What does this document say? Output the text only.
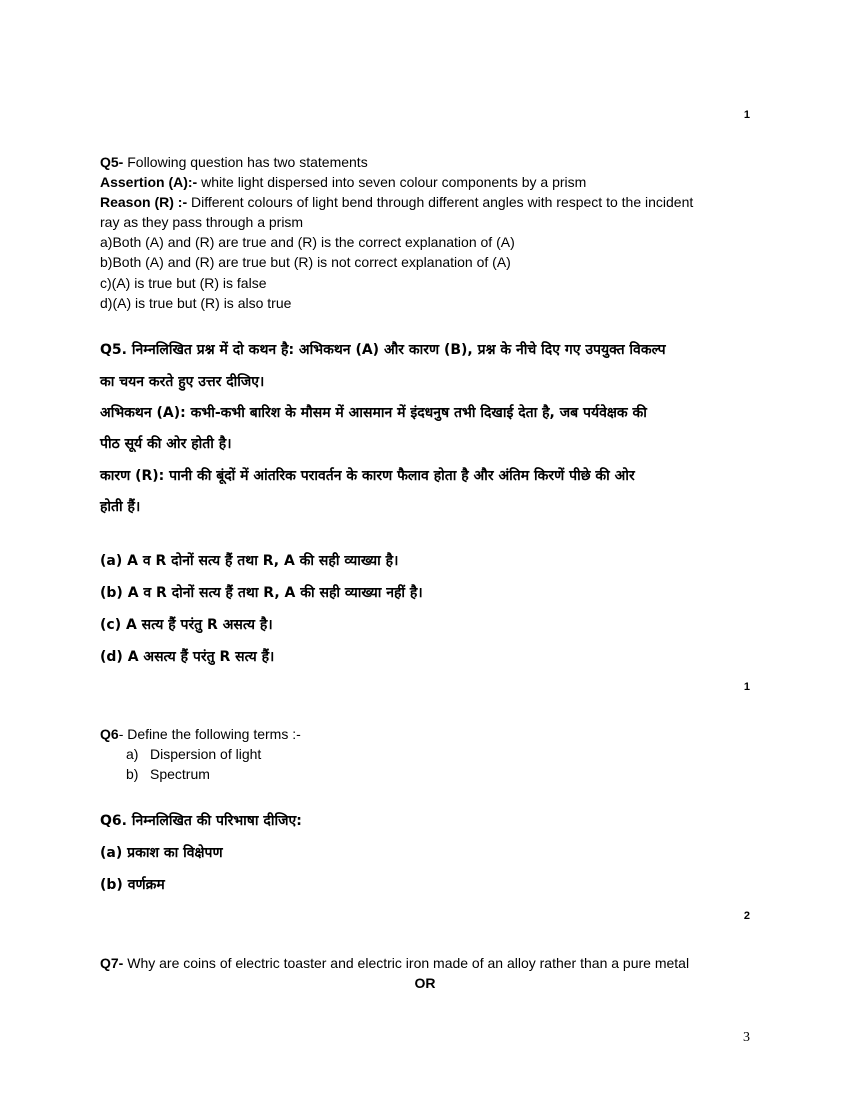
1
Q5- Following question has two statements
Assertion (A):- white light dispersed into seven colour components by a prism
Reason (R) :- Different colours of light bend through different angles with respect to the incident
ray as they pass through a prism
a)Both (A) and (R) are true and (R) is the correct explanation of (A)
b)Both (A) and (R) are true but (R) is not correct explanation of (A)
c)(A) is true but (R) is false
d)(A) is true but (R) is also true
Q5. निम्नलिखित प्रश्न में दो कथन है: अभिकथन (A) और कारण (B), प्रश्न के नीचे दिए गए उपयुक्त विकल्प
का चयन करते हुए उत्तर दीजिए।
अभिकथन (A): कभी-कभी बारिश के मौसम में आसमान में इंदधनुष तभी दिखाई देता है, जब पर्यवेक्षक की
पीठ सूर्य की ओर होती है।
कारण (R): पानी की बूंदों में आंतरिक परावर्तन के कारण फैलाव होता है और अंतिम किरणें पीछे की ओर
होती हैं।
(a) A व R दोनों सत्य हैं तथा R, A की सही व्याख्या है।
(b) A व R दोनों सत्य हैं तथा R, A की सही व्याख्या नहीं है।
(c) A सत्य हैं परंतु R असत्य है।
(d) A असत्य हैं परंतु R सत्य हैं।
1
Q6- Define the following terms :-
a) Dispersion of light
b) Spectrum
Q6. निम्नलिखित की परिभाषा दीजिए:
(a) प्रकाश का विक्षेपण
(b) वर्णक्रम
2
Q7- Why are coins of electric toaster and electric iron made of an alloy rather than a pure metal
OR
3
